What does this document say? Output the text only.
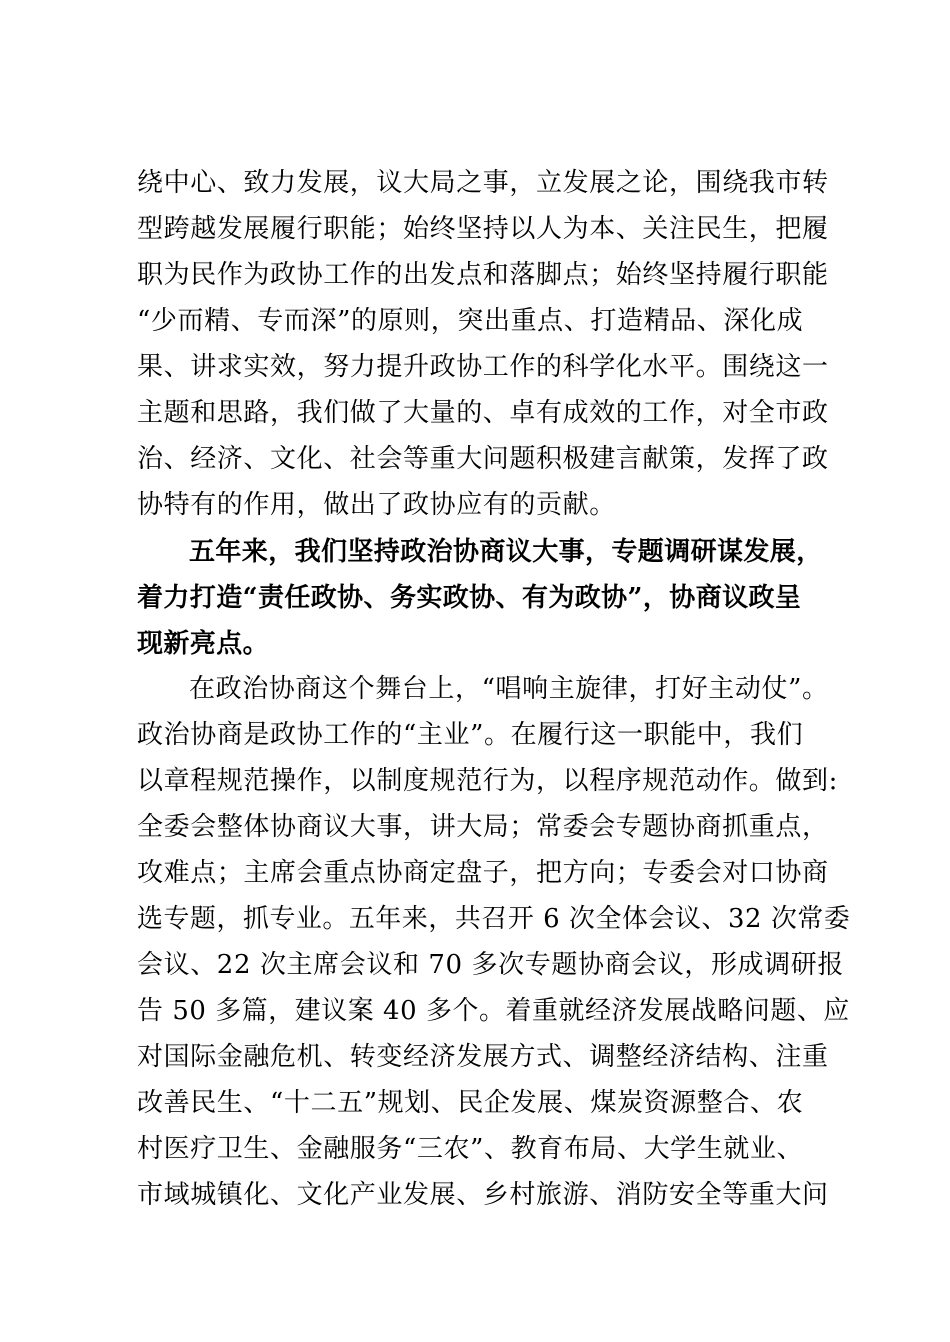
绕中心、致力发展，议大局之事，立发展之论，围绕我市转
型跨越发展履行职能；始终坚持以人为本、关注民生，把履
职为民作为政协工作的出发点和落脚点；始终坚持履行职能
“少而精、专而深”的原则，突出重点、打造精品、深化成
果、讲求实效，努力提升政协工作的科学化水平。围绕这一
主题和思路，我们做了大量的、卓有成效的工作，对全市政
治、经济、文化、社会等重大问题积极建言献策，发挥了政
协特有的作用，做出了政协应有的贡献。
五年来，我们坚持政治协商议大事，专题调研谋发展，
着力打造“责任政协、务实政协、有为政协”，协商议政呈
现新亮点。
在政治协商这个舞台上，“唱响主旋律，打好主动仗”。
政治协商是政协工作的“主业”。在履行这一职能中，我们
以章程规范操作，以制度规范行为，以程序规范动作。做到:
全委会整体协商议大事，讲大局；常委会专题协商抓重点，
攻难点；主席会重点协商定盘子，把方向；专委会对口协商
选专题，抓专业。五年来，共召开 6 次全体会议、32 次常委
会议、22 次主席会议和 70 多次专题协商会议，形成调研报
告 50 多篇，建议案 40 多个。着重就经济发展战略问题、应
对国际金融危机、转变经济发展方式、调整经济结构、注重
改善民生、“十二五”规划、民企发展、煤炭资源整合、农
村医疗卫生、金融服务“三农”、教育布局、大学生就业、
市域城镇化、文化产业发展、乡村旅游、消防安全等重大问
